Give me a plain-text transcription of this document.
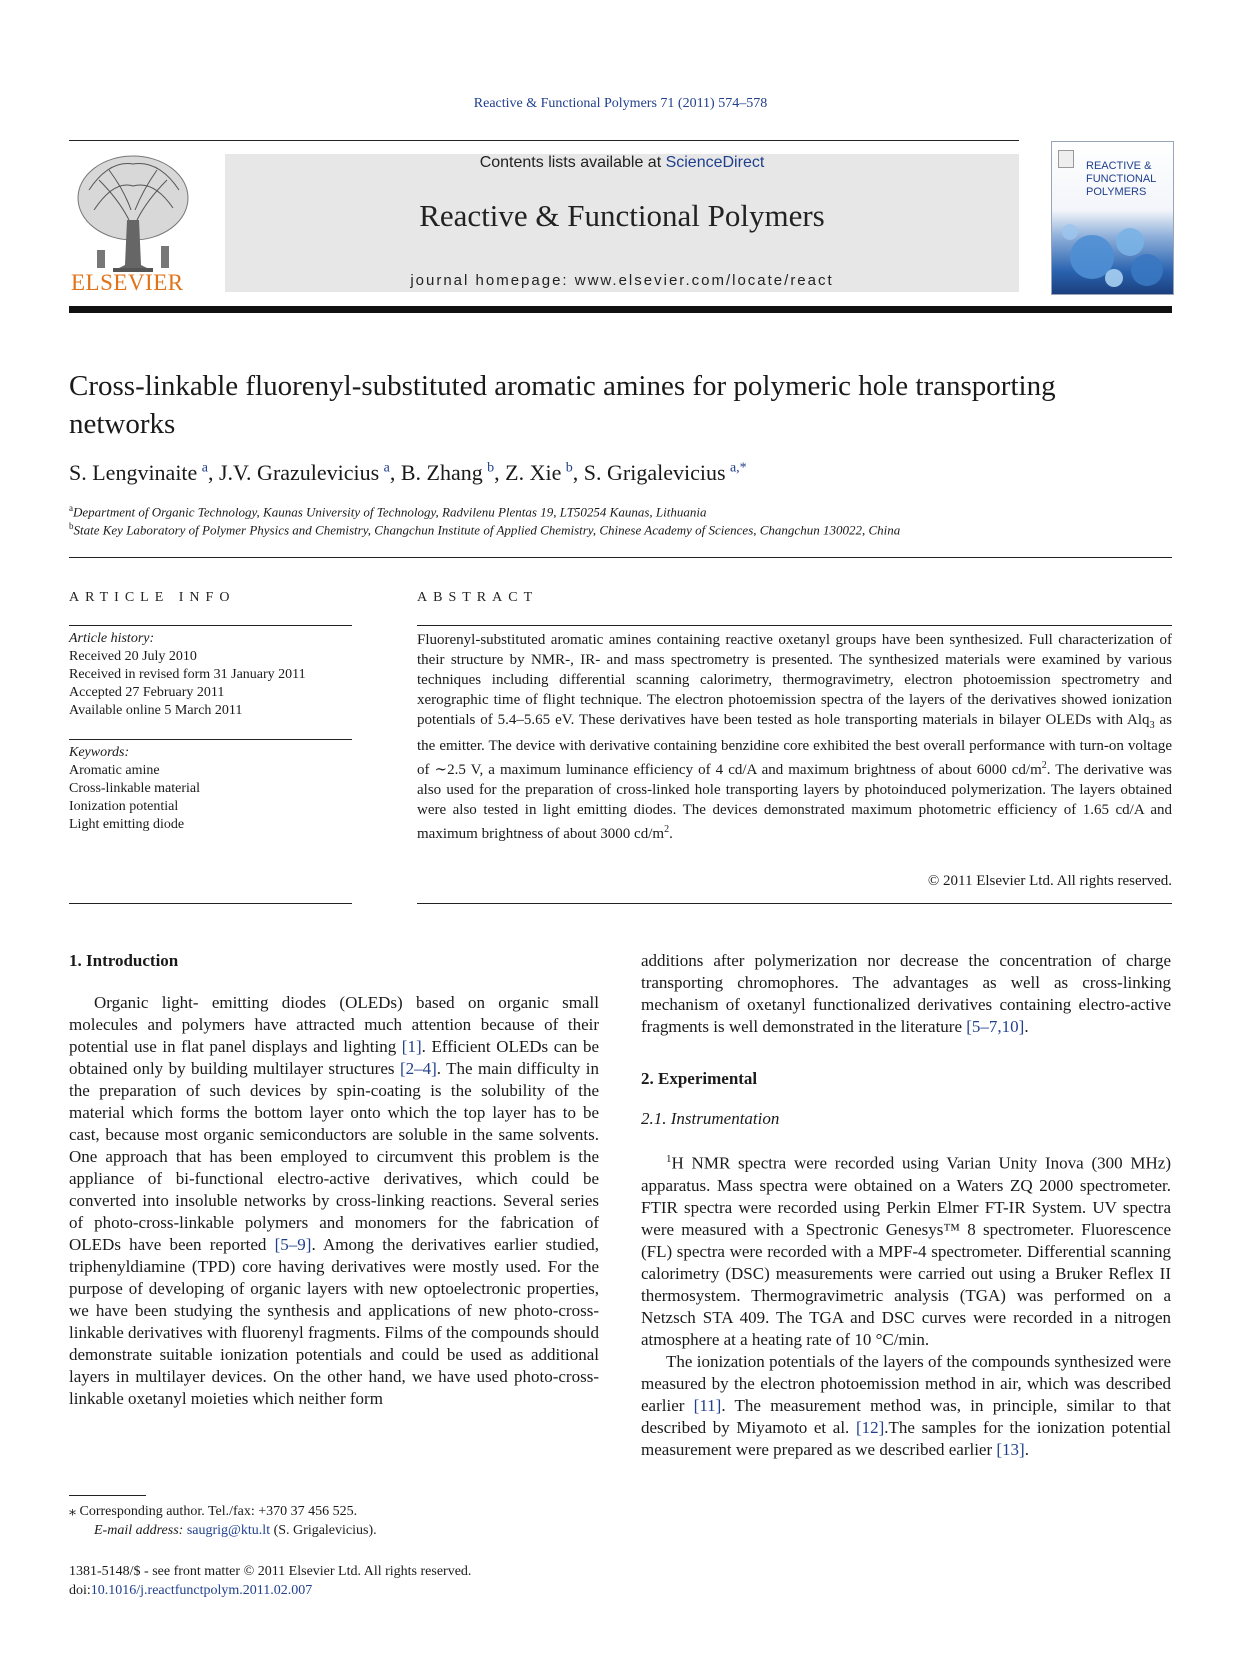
Reactive & Functional Polymers 71 (2011) 574–578
ELSEVIER
Contents lists available at ScienceDirect
Reactive & Functional Polymers
journal homepage: www.elsevier.com/locate/react
REACTIVE &
FUNCTIONAL
POLYMERS
Cross-linkable fluorenyl-substituted aromatic amines for polymeric hole transporting networks
S. Lengvinaite  $^a$, J.V. Grazulevicius  $^a$, B. Zhang  $^b$, Z. Xie  $^b$, S. Grigalevicius  $^{a,*}$
$^a$Department of Organic Technology, Kaunas University of Technology, Radvilenu Plentas 19, LT50254 Kaunas, Lithuania
$^b$State Key Laboratory of Polymer Physics and Chemistry, Changchun Institute of Applied Chemistry, Chinese Academy of Sciences, Changchun 130022, China
ARTICLE INFO	ABSTRACT
Article history:
Received 20 July 2010
Received in revised form 31 January 2011
Accepted 27 February 2011
Available online 5 March 2011
Keywords:
Aromatic amine
Cross-linkable material
Ionization potential
Light emitting diode
Fluorenyl-substituted aromatic amines containing reactive oxetanyl groups have been synthesized. Full characterization of their structure by NMR-, IR- and mass spectrometry is presented. The synthesized materials were examined by various techniques including differential scanning calorimetry, thermogravimetry, electron photoemission spectrometry and xerographic time of flight technique. The electron photoemission spectra of the layers of the derivatives showed ionization potentials of 5.4–5.65 eV. These derivatives have been tested as hole transporting materials in bilayer OLEDs with Alq$_3$ as the emitter. The device with derivative containing benzidine core exhibited the best overall performance with turn-on voltage of ∼2.5 V, a maximum luminance efficiency of 4 cd/A and maximum brightness of about 6000 $cd/m^2$. The derivative was also used for the preparation of cross-linked hole transporting layers by photoinduced polymerization. The layers obtained were also tested in light emitting diodes. The devices demonstrated maximum photometric efficiency of 1.65 cd/A and maximum brightness of about 3000 $cd/m^2$.
© 2011 Elsevier Ltd. All rights reserved.

1. Introduction

Organic light- emitting diodes (OLEDs) based on organic small molecules and polymers have attracted much attention because of their potential use in flat panel displays and lighting [1]. Efficient OLEDs can be obtained only by building multilayer structures [2–4]. The main difficulty in the preparation of such devices by spin-coating is the solubility of the material which forms the bottom layer onto which the top layer has to be cast, because most organic semiconductors are soluble in the same solvents. One approach that has been employed to circumvent this problem is the appliance of bi-functional electro-active derivatives, which could be converted into insoluble networks by cross-linking reactions. Several series of photo-cross-linkable polymers and monomers for the fabrication of OLEDs have been reported [5–9]. Among the derivatives earlier studied, triphenyldiamine (TPD) core having derivatives were mostly used. For the purpose of developing of organic layers with new optoelectronic properties, we have been studying the synthesis and applications of new photo-cross-linkable derivatives with fluorenyl fragments. Films of the compounds should demonstrate suitable ionization potentials and could be used as additional layers in multilayer devices. On the other hand, we have used photo-cross-linkable oxetanyl moieties which neither form

additions after polymerization nor decrease the concentration of charge transporting chromophores. The advantages as well as cross-linking mechanism of oxetanyl functionalized derivatives containing electro-active fragments is well demonstrated in the literature [5–7,10].

2. Experimental

2.1. Instrumentation

$^1$H NMR spectra were recorded using Varian Unity Inova (300 MHz) apparatus. Mass spectra were obtained on a Waters ZQ 2000 spectrometer. FTIR spectra were recorded using Perkin Elmer FT-IR System. UV spectra were measured with a Spectronic Genesys™ 8 spectrometer. Fluorescence (FL) spectra were recorded with a MPF-4 spectrometer. Differential scanning calorimetry (DSC) measurements were carried out using a Bruker Reflex II thermosystem. Thermogravimetric analysis (TGA) was performed on a Netzsch STA 409. The TGA and DSC curves were recorded in a nitrogen atmosphere at a heating rate of 10 °C/min.

The ionization potentials of the layers of the compounds synthesized were measured by the electron photoemission method in air, which was described earlier [11]. The measurement method was, in principle, similar to that described by Miyamoto et al. [12].The samples for the ionization potential measurement were prepared as we described earlier [13].

⁎ Corresponding author. Tel./fax: +370 37 456 525.
E-mail address: saugrig@ktu.lt (S. Grigalevicius).
1381-5148/$ - see front matter © 2011 Elsevier Ltd. All rights reserved.
doi:10.1016/j.reactfunctpolym.2011.02.007
